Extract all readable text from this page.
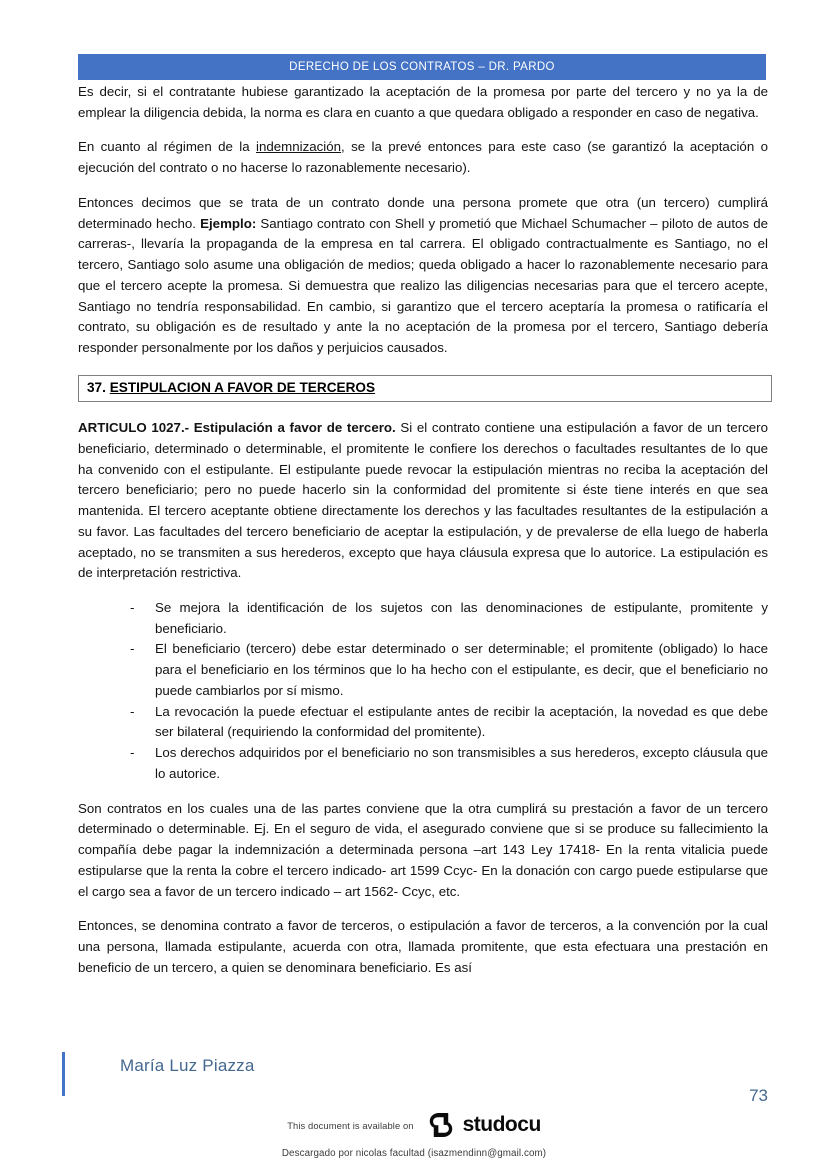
DERECHO DE LOS CONTRATOS – DR. PARDO

Es decir, si el contratante hubiese garantizado la aceptación de la promesa por parte del tercero y no ya la de emplear la diligencia debida, la norma es clara en cuanto a que quedara obligado a responder en caso de negativa.

En cuanto al régimen de la indemnización, se la prevé entonces para este caso (se garantizó la aceptación o ejecución del contrato o no hacerse lo razonablemente necesario).

Entonces decimos que se trata de un contrato donde una persona promete que otra (un tercero) cumplirá determinado hecho. Ejemplo: Santiago contrato con Shell y prometió que Michael Schumacher – piloto de autos de carreras-, llevaría la propaganda de la empresa en tal carrera. El obligado contractualmente es Santiago, no el tercero, Santiago solo asume una obligación de medios; queda obligado a hacer lo razonablemente necesario para que el tercero acepte la promesa. Si demuestra que realizo las diligencias necesarias para que el tercero acepte, Santiago no tendría responsabilidad. En cambio, si garantizo que el tercero aceptaría la promesa o ratificaría el contrato, su obligación es de resultado y ante la no aceptación de la promesa por el tercero, Santiago debería responder personalmente por los daños y perjuicios causados.

37. ESTIPULACION A FAVOR DE TERCEROS

ARTICULO 1027.- Estipulación a favor de tercero. Si el contrato contiene una estipulación a favor de un tercero beneficiario, determinado o determinable, el promitente le confiere los derechos o facultades resultantes de lo que ha convenido con el estipulante. El estipulante puede revocar la estipulación mientras no reciba la aceptación del tercero beneficiario; pero no puede hacerlo sin la conformidad del promitente si éste tiene interés en que sea mantenida. El tercero aceptante obtiene directamente los derechos y las facultades resultantes de la estipulación a su favor. Las facultades del tercero beneficiario de aceptar la estipulación, y de prevalerse de ella luego de haberla aceptado, no se transmiten a sus herederos, excepto que haya cláusula expresa que lo autorice. La estipulación es de interpretación restrictiva.

- Se mejora la identificación de los sujetos con las denominaciones de estipulante, promitente y beneficiario.
- El beneficiario (tercero) debe estar determinado o ser determinable; el promitente (obligado) lo hace para el beneficiario en los términos que lo ha hecho con el estipulante, es decir, que el beneficiario no puede cambiarlos por sí mismo.
- La revocación la puede efectuar el estipulante antes de recibir la aceptación, la novedad es que debe ser bilateral (requiriendo la conformidad del promitente).
- Los derechos adquiridos por el beneficiario no son transmisibles a sus herederos, excepto cláusula que lo autorice.

Son contratos en los cuales una de las partes conviene que la otra cumplirá su prestación a favor de un tercero determinado o determinable. Ej. En el seguro de vida, el asegurado conviene que si se produce su fallecimiento la compañía debe pagar la indemnización a determinada persona –art 143 Ley 17418- En la renta vitalicia puede estipularse que la renta la cobre el tercero indicado- art 1599 Ccyc- En la donación con cargo puede estipularse que el cargo sea a favor de un tercero indicado – art 1562- Ccyc, etc.

Entonces, se denomina contrato a favor de terceros, o estipulación a favor de terceros, a la convención por la cual una persona, llamada estipulante, acuerda con otra, llamada promitente, que esta efectuara una prestación en beneficio de un tercero, a quien se denominara beneficiario. Es así

María Luz Piazza
73
This document is available on studocu
Descargado por nicolas facultad (isazmendinn@gmail.com)
